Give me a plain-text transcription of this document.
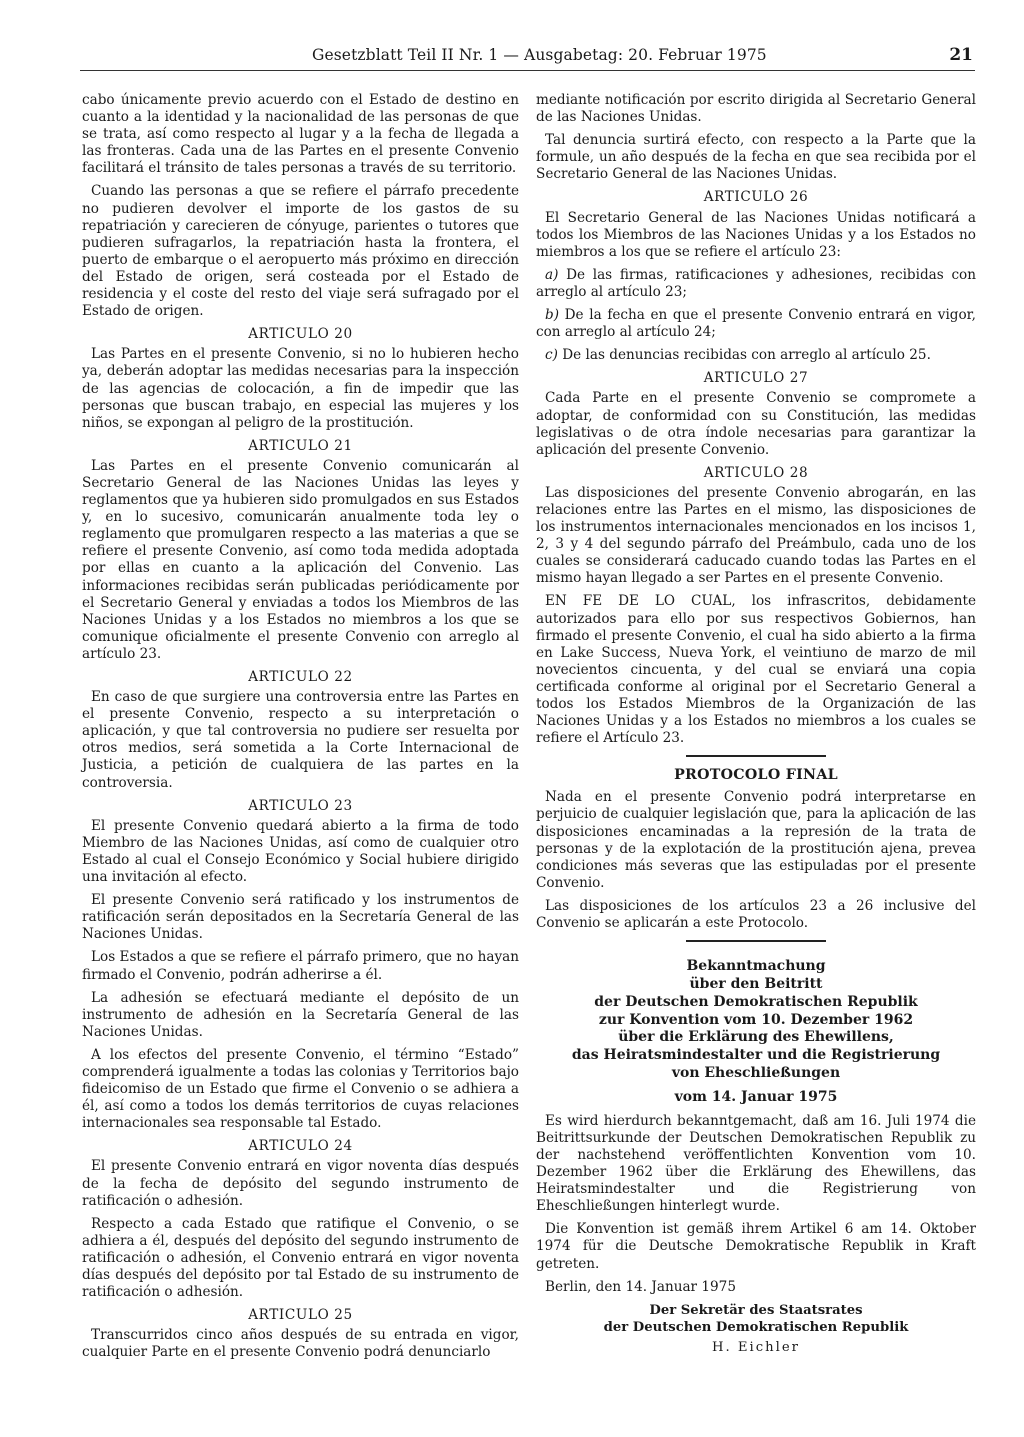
Gesetzblatt Teil II Nr. 1 — Ausgabetag: 20. Februar 1975	21

cabo únicamente previo acuerdo con el Estado de destino en cuanto a la identidad y la nacionalidad de las personas de que se trata, así como respecto al lugar y a la fecha de llegada a las fronteras. Cada una de las Partes en el presente Convenio facilitará el tránsito de tales personas a través de su territorio.

Cuando las personas a que se refiere el párrafo precedente no pudieren devolver el importe de los gastos de su repatriación y carecieren de cónyuge, parientes o tutores que pudieren sufragarlos, la repatriación hasta la frontera, el puerto de embarque o el aeropuerto más próximo en dirección del Estado de origen, será costeada por el Estado de residencia y el coste del resto del viaje será sufragado por el Estado de origen.

ARTICULO 20

Las Partes en el presente Convenio, si no lo hubieren hecho ya, deberán adoptar las medidas necesarias para la inspección de las agencias de colocación, a fin de impedir que las personas que buscan trabajo, en especial las mujeres y los niños, se expongan al peligro de la prostitución.

ARTICULO 21

Las Partes en el presente Convenio comunicarán al Secretario General de las Naciones Unidas las leyes y reglamentos que ya hubieren sido promulgados en sus Estados y, en lo sucesivo, comunicarán anualmente toda ley o reglamento que promulgaren respecto a las materias a que se refiere el presente Convenio, así como toda medida adoptada por ellas en cuanto a la aplicación del Convenio. Las informaciones recibidas serán publicadas periódicamente por el Secretario General y enviadas a todos los Miembros de las Naciones Unidas y a los Estados no miembros a los que se comunique oficialmente el presente Convenio con arreglo al artículo 23.

ARTICULO 22

En caso de que surgiere una controversia entre las Partes en el presente Convenio, respecto a su interpretación o aplicación, y que tal controversia no pudiere ser resuelta por otros medios, será sometida a la Corte Internacional de Justicia, a petición de cualquiera de las partes en la controversia.

ARTICULO 23

El presente Convenio quedará abierto a la firma de todo Miembro de las Naciones Unidas, así como de cualquier otro Estado al cual el Consejo Económico y Social hubiere dirigido una invitación al efecto.

El presente Convenio será ratificado y los instrumentos de ratificación serán depositados en la Secretaría General de las Naciones Unidas.

Los Estados a que se refiere el párrafo primero, que no hayan firmado el Convenio, podrán adherirse a él.

La adhesión se efectuará mediante el depósito de un instrumento de adhesión en la Secretaría General de las Naciones Unidas.

A los efectos del presente Convenio, el término “Estado” comprenderá igualmente a todas las colonias y Territorios bajo fideicomiso de un Estado que firme el Convenio o se adhiera a él, así como a todos los demás territorios de cuyas relaciones internacionales sea responsable tal Estado.

ARTICULO 24

El presente Convenio entrará en vigor noventa días después de la fecha de depósito del segundo instrumento de ratificación o adhesión.

Respecto a cada Estado que ratifique el Convenio, o se adhiera a él, después del depósito del segundo instrumento de ratificación o adhesión, el Convenio entrará en vigor noventa días después del depósito por tal Estado de su instrumento de ratificación o adhesión.

ARTICULO 25

Transcurridos cinco años después de su entrada en vigor, cualquier Parte en el presente Convenio podrá denunciarlo

mediante notificación por escrito dirigida al Secretario General de las Naciones Unidas.

Tal denuncia surtirá efecto, con respecto a la Parte que la formule, un año después de la fecha en que sea recibida por el Secretario General de las Naciones Unidas.

ARTICULO 26

El Secretario General de las Naciones Unidas notificará a todos los Miembros de las Naciones Unidas y a los Estados no miembros a los que se refiere el artículo 23:

a) De las firmas, ratificaciones y adhesiones, recibidas con arreglo al artículo 23;

b) De la fecha en que el presente Convenio entrará en vigor, con arreglo al artículo 24;

c) De las denuncias recibidas con arreglo al artículo 25.

ARTICULO 27

Cada Parte en el presente Convenio se compromete a adoptar, de conformidad con su Constitución, las medidas legislativas o de otra índole necesarias para garantizar la aplicación del presente Convenio.

ARTICULO 28

Las disposiciones del presente Convenio abrogarán, en las relaciones entre las Partes en el mismo, las disposiciones de los instrumentos internacionales mencionados en los incisos 1, 2, 3 y 4 del segundo párrafo del Preámbulo, cada uno de los cuales se considerará caducado cuando todas las Partes en el mismo hayan llegado a ser Partes en el presente Convenio.

EN FE DE LO CUAL, los infrascritos, debidamente autorizados para ello por sus respectivos Gobiernos, han firmado el presente Convenio, el cual ha sido abierto a la firma en Lake Success, Nueva York, el veintiuno de marzo de mil novecientos cincuenta, y del cual se enviará una copia certificada conforme al original por el Secretario General a todos los Estados Miembros de la Organización de las Naciones Unidas y a los Estados no miembros a los cuales se refiere el Artículo 23.

PROTOCOLO FINAL

Nada en el presente Convenio podrá interpretarse en perjuicio de cualquier legislación que, para la aplicación de las disposiciones encaminadas a la represión de la trata de personas y de la explotación de la prostitución ajena, prevea condiciones más severas que las estipuladas por el presente Convenio.

Las disposiciones de los artículos 23 a 26 inclusive del Convenio se aplicarán a este Protocolo.

Bekanntmachung
über den Beitritt
der Deutschen Demokratischen Republik
zur Konvention vom 10. Dezember 1962
über die Erklärung des Ehewillens,
das Heiratsmindestalter und die Registrierung
von Eheschließungen
vom 14. Januar 1975

Es wird hierdurch bekanntgemacht, daß am 16. Juli 1974 die Beitrittsurkunde der Deutschen Demokratischen Republik zu der nachstehend veröffentlichten Konvention vom 10. Dezember 1962 über die Erklärung des Ehewillens, das Heiratsmindestalter und die Registrierung von Eheschließungen hinterlegt wurde.

Die Konvention ist gemäß ihrem Artikel 6 am 14. Oktober 1974 für die Deutsche Demokratische Republik in Kraft getreten.

Berlin, den 14. Januar 1975

Der Sekretär des Staatsrates
der Deutschen Demokratischen Republik
H. Eichler
